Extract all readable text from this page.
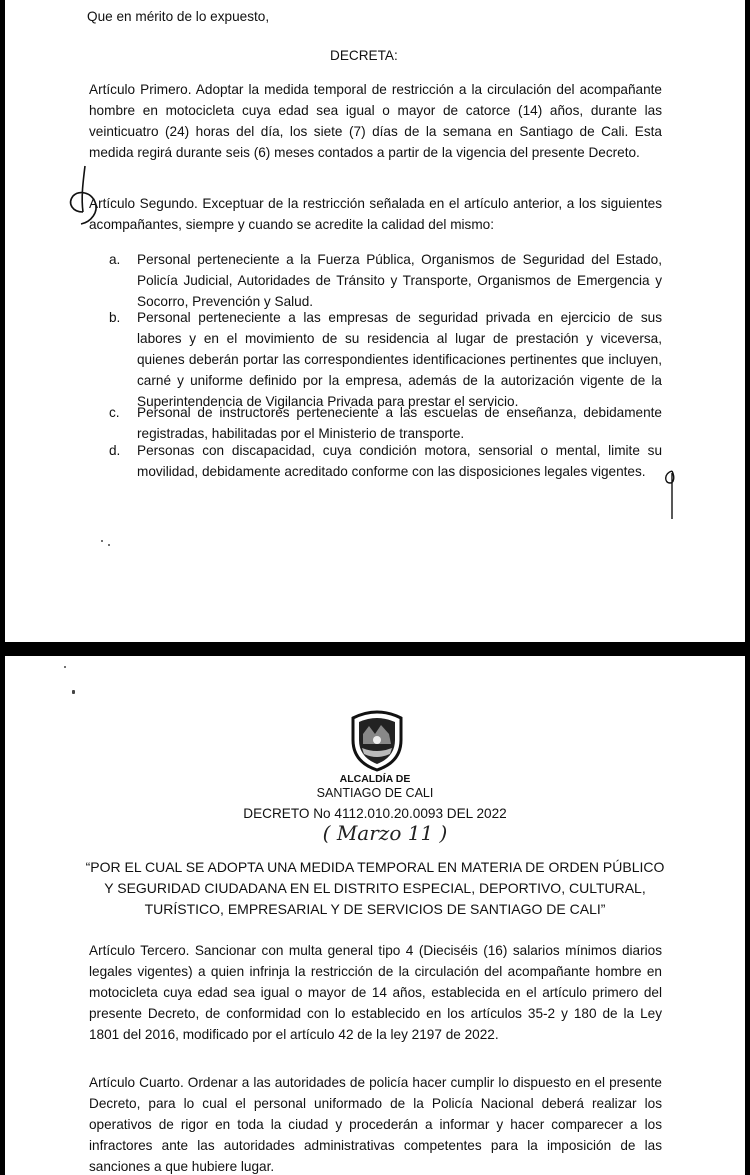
Que en mérito de lo expuesto,

DECRETA:

Artículo Primero. Adoptar la medida temporal de restricción a la circulación del acompañante hombre en motocicleta cuya edad sea igual o mayor de catorce (14) años, durante las veinticuatro (24) horas del día, los siete (7) días de la semana en Santiago de Cali. Esta medida regirá durante seis (6) meses contados a partir de la vigencia del presente Decreto.

Artículo Segundo. Exceptuar de la restricción señalada en el artículo anterior, a los siguientes acompañantes, siempre y cuando se acredite la calidad del mismo:

a.	Personal perteneciente a la Fuerza Pública, Organismos de Seguridad del Estado, Policía Judicial, Autoridades de Tránsito y Transporte, Organismos de Emergencia y Socorro, Prevención y Salud.
b.	Personal perteneciente a las empresas de seguridad privada en ejercicio de sus labores y en el movimiento de su residencia al lugar de prestación y viceversa, quienes deberán portar las correspondientes identificaciones pertinentes que incluyen, carné y uniforme definido por la empresa, además de la autorización vigente de la Superintendencia de Vigilancia Privada para prestar el servicio.
c.	Personal de instructores perteneciente a las escuelas de enseñanza, debidamente registradas, habilitadas por el Ministerio de transporte.
d.	Personas con discapacidad, cuya condición motora, sensorial o mental, limite su movilidad, debidamente acreditado conforme con las disposiciones legales vigentes.

ALCALDÍA DE

SANTIAGO DE CALI

DECRETO No 4112.010.20.0093 DEL 2022

( Marzo 11 )

“POR EL CUAL SE ADOPTA UNA MEDIDA TEMPORAL EN MATERIA DE ORDEN PÚBLICO Y SEGURIDAD CIUDADANA EN EL DISTRITO ESPECIAL, DEPORTIVO, CULTURAL, TURÍSTICO, EMPRESARIAL Y DE SERVICIOS DE SANTIAGO DE CALI”

Artículo Tercero. Sancionar con multa general tipo 4 (Dieciséis (16) salarios mínimos diarios legales vigentes) a quien infrinja la restricción de la circulación del acompañante hombre en motocicleta cuya edad sea igual o mayor de 14 años, establecida en el artículo primero del presente Decreto, de conformidad con lo establecido en los artículos 35-2 y 180 de la Ley 1801 del 2016, modificado por el artículo 42 de la ley 2197 de 2022.

Artículo Cuarto. Ordenar a las autoridades de policía hacer cumplir lo dispuesto en el presente Decreto, para lo cual el personal uniformado de la Policía Nacional deberá realizar los operativos de rigor en toda la ciudad y procederán a informar y hacer comparecer a los infractores ante las autoridades administrativas competentes para la imposición de las sanciones a que hubiere lugar.
